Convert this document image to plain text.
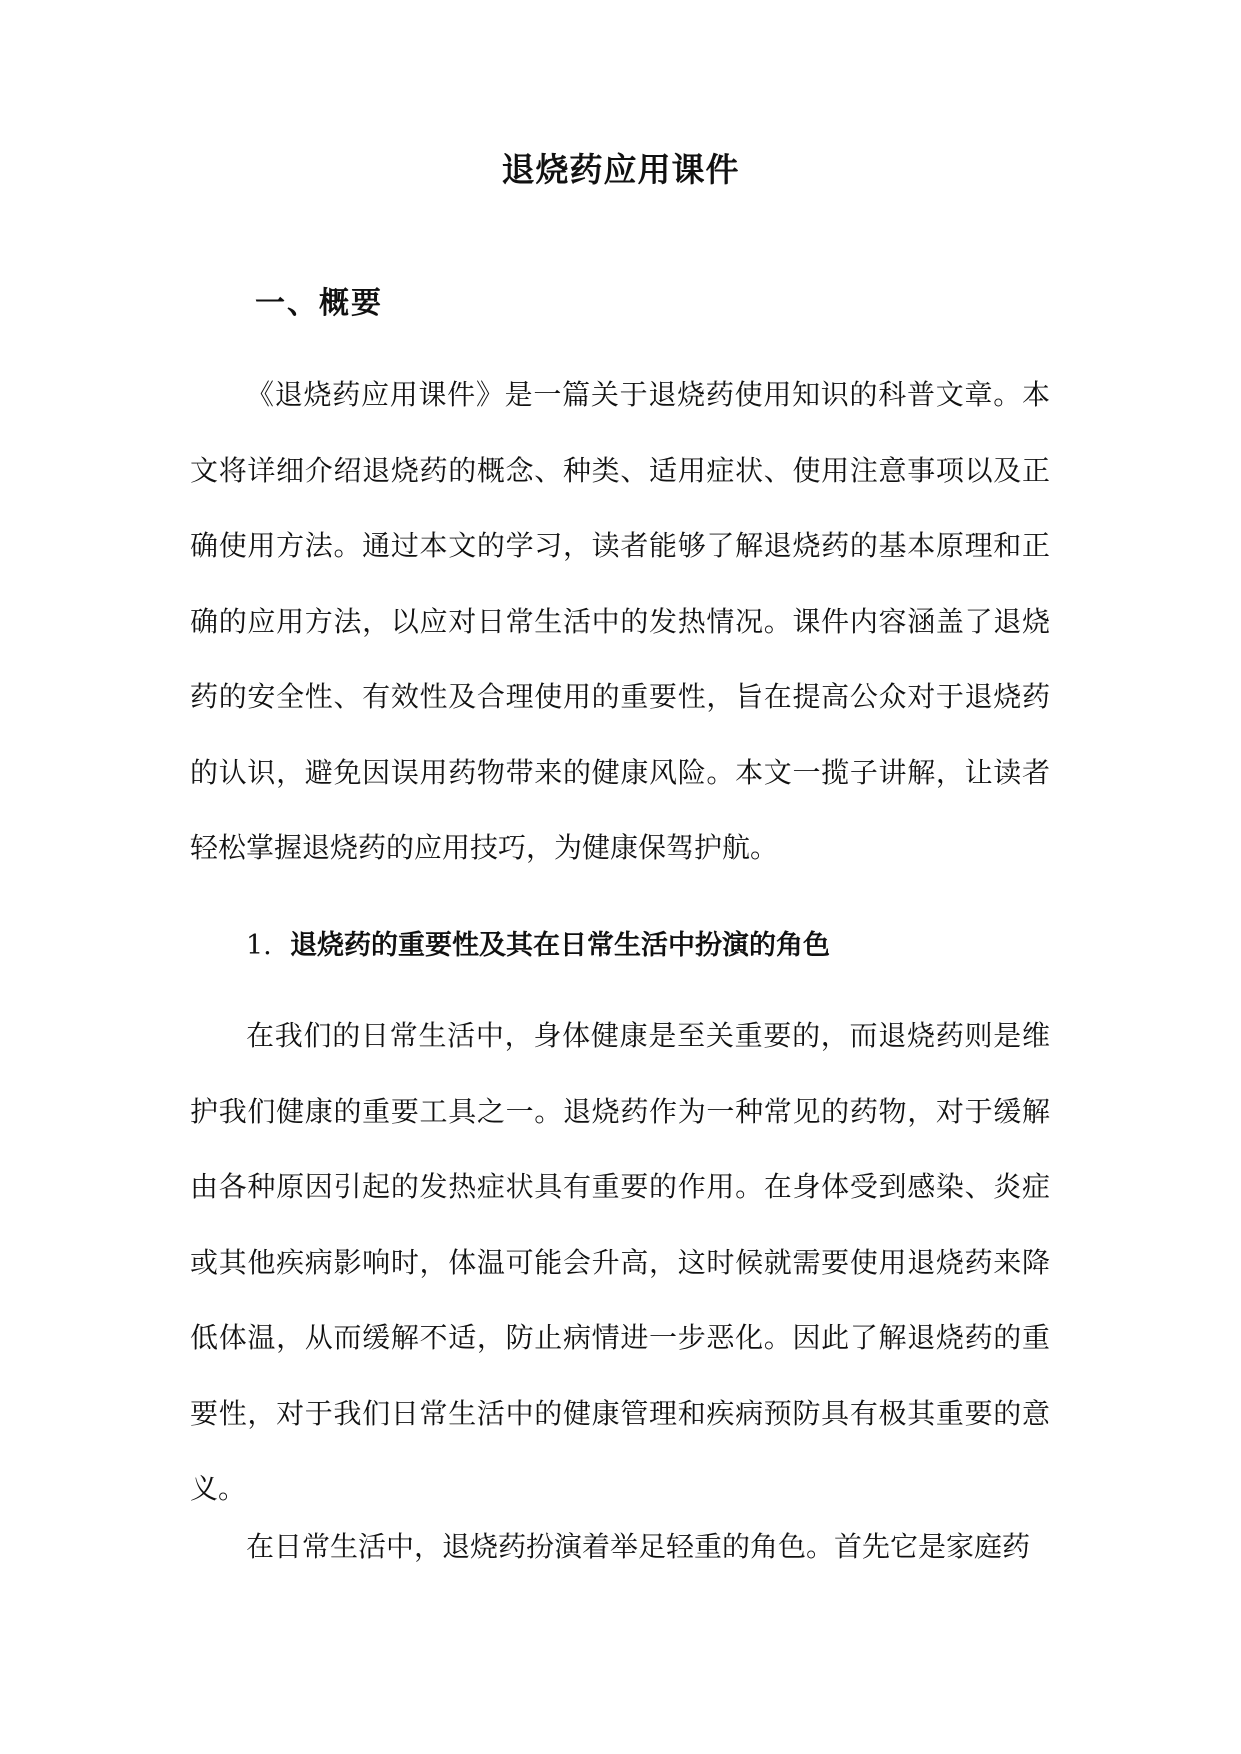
退烧药应用课件
一、概要

《退烧药应用课件》是一篇关于退烧药使用知识的科普文章。本文将详细介绍退烧药的概念、种类、适用症状、使用注意事项以及正确使用方法。通过本文的学习，读者能够了解退烧药的基本原理和正确的应用方法，以应对日常生活中的发热情况。课件内容涵盖了退烧药的安全性、有效性及合理使用的重要性，旨在提高公众对于退烧药的认识，避免因误用药物带来的健康风险。本文一揽子讲解，让读者轻松掌握退烧药的应用技巧，为健康保驾护航。

1. 退烧药的重要性及其在日常生活中扮演的角色

在我们的日常生活中，身体健康是至关重要的，而退烧药则是维护我们健康的重要工具之一。退烧药作为一种常见的药物，对于缓解由各种原因引起的发热症状具有重要的作用。在身体受到感染、炎症或其他疾病影响时，体温可能会升高，这时候就需要使用退烧药来降低体温，从而缓解不适，防止病情进一步恶化。因此了解退烧药的重要性，对于我们日常生活中的健康管理和疾病预防具有极其重要的意义。

在日常生活中，退烧药扮演着举足轻重的角色。首先它是家庭药
